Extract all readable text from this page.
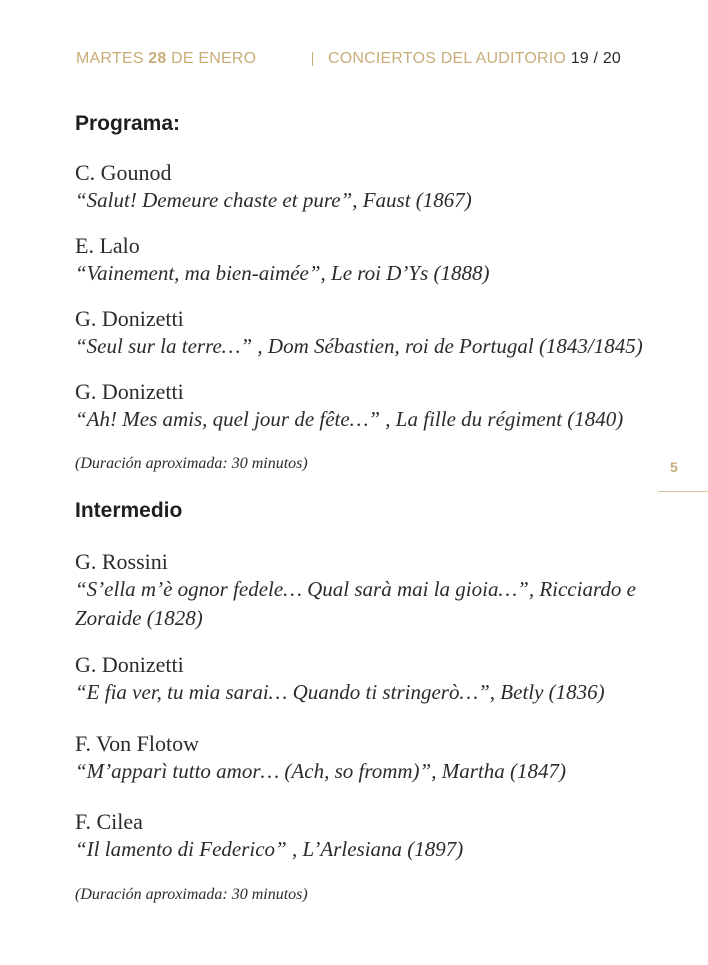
MARTES 28 DE ENERO	CONCIERTOS DEL AUDITORIO 19 / 20
Programa:
C. Gounod
“Salut! Demeure chaste et pure”, Faust (1867)
E. Lalo
“Vainement, ma bien-aimée”, Le roi D’Ys (1888)
G. Donizetti
“Seul sur la terre…” , Dom Sébastien, roi de Portugal (1843/1845)
G. Donizetti
“Ah! Mes amis, quel jour de fête…” , La fille du régiment (1840)
(Duración aproximada: 30 minutos)	5
Intermedio
G. Rossini
“S’ella m’è ognor fedele… Qual sarà mai la gioia…”, Ricciardo e Zoraide (1828)
G. Donizetti
“E fia ver, tu mia sarai… Quando ti stringerò…”, Betly (1836)
F. Von Flotow
“M’apparì tutto amor… (Ach, so fromm)”, Martha (1847)
F. Cilea
“Il lamento di Federico” , L’Arlesiana (1897)
(Duración aproximada: 30 minutos)
